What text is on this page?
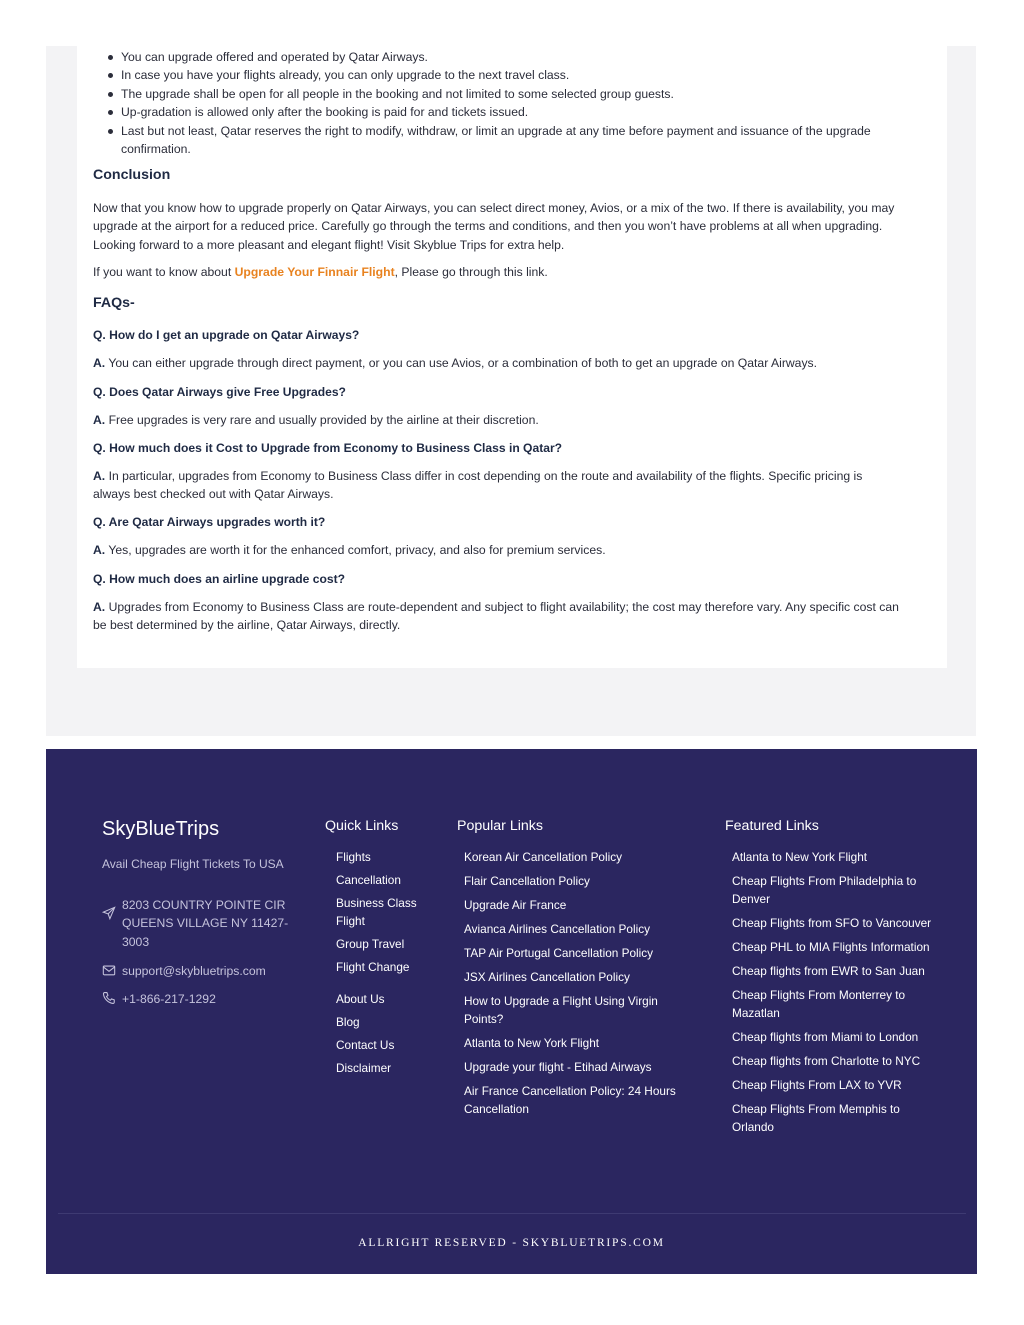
You can upgrade offered and operated by Qatar Airways.
In case you have your flights already, you can only upgrade to the next travel class.
The upgrade shall be open for all people in the booking and not limited to some selected group guests.
Up-gradation is allowed only after the booking is paid for and tickets issued.
Last but not least, Qatar reserves the right to modify, withdraw, or limit an upgrade at any time before payment and issuance of the upgrade confirmation.
Conclusion

Now that you know how to upgrade properly on Qatar Airways, you can select direct money, Avios, or a mix of the two. If there is availability, you may upgrade at the airport for a reduced price. Carefully go through the terms and conditions, and then you won’t have problems at all when upgrading. Looking forward to a more pleasant and elegant flight! Visit Skyblue Trips for extra help.

If you want to know about Upgrade Your Finnair Flight, Please go through this link.

FAQs-
Q. How do I get an upgrade on Qatar Airways?

A. You can either upgrade through direct payment, or you can use Avios, or a combination of both to get an upgrade on Qatar Airways.

Q. Does Qatar Airways give Free Upgrades?

A. Free upgrades is very rare and usually provided by the airline at their discretion.

Q. How much does it Cost to Upgrade from Economy to Business Class in Qatar?

A. In particular, upgrades from Economy to Business Class differ in cost depending on the route and availability of the flights. Specific pricing is always best checked out with Qatar Airways.

Q. Are Qatar Airways upgrades worth it?

A. Yes, upgrades are worth it for the enhanced comfort, privacy, and also for premium services.

Q. How much does an airline upgrade cost?

A. Upgrades from Economy to Business Class are route-dependent and subject to flight availability; the cost may therefore vary. Any specific cost can be best determined by the airline, Qatar Airways, directly.

SkyBlueTrips
Avail Cheap Flight Tickets To USA
8203 COUNTRY POINTE CIR QUEENS VILLAGE NY 11427-3003
support@skybluetrips.com
+1-866-217-1292
Quick Links
Flights
Cancellation
Business Class Flight
Group Travel
Flight Change
About Us
Blog
Contact Us
Disclaimer
Popular Links
Korean Air Cancellation Policy
Flair Cancellation Policy
Upgrade Air France
Avianca Airlines Cancellation Policy
TAP Air Portugal Cancellation Policy
JSX Airlines Cancellation Policy
How to Upgrade a Flight Using Virgin Points?
Atlanta to New York Flight
Upgrade your flight - Etihad Airways
Air France Cancellation Policy: 24 Hours Cancellation
Featured Links
Atlanta to New York Flight
Cheap Flights From Philadelphia to Denver
Cheap Flights from SFO to Vancouver
Cheap PHL to MIA Flights Information
Cheap flights from EWR to San Juan
Cheap Flights From Monterrey to Mazatlan
Cheap flights from Miami to London
Cheap flights from Charlotte to NYC
Cheap Flights From LAX to YVR
Cheap Flights From Memphis to Orlando
ALLRIGHT RESERVED - SKYBLUETRIPS.COM
